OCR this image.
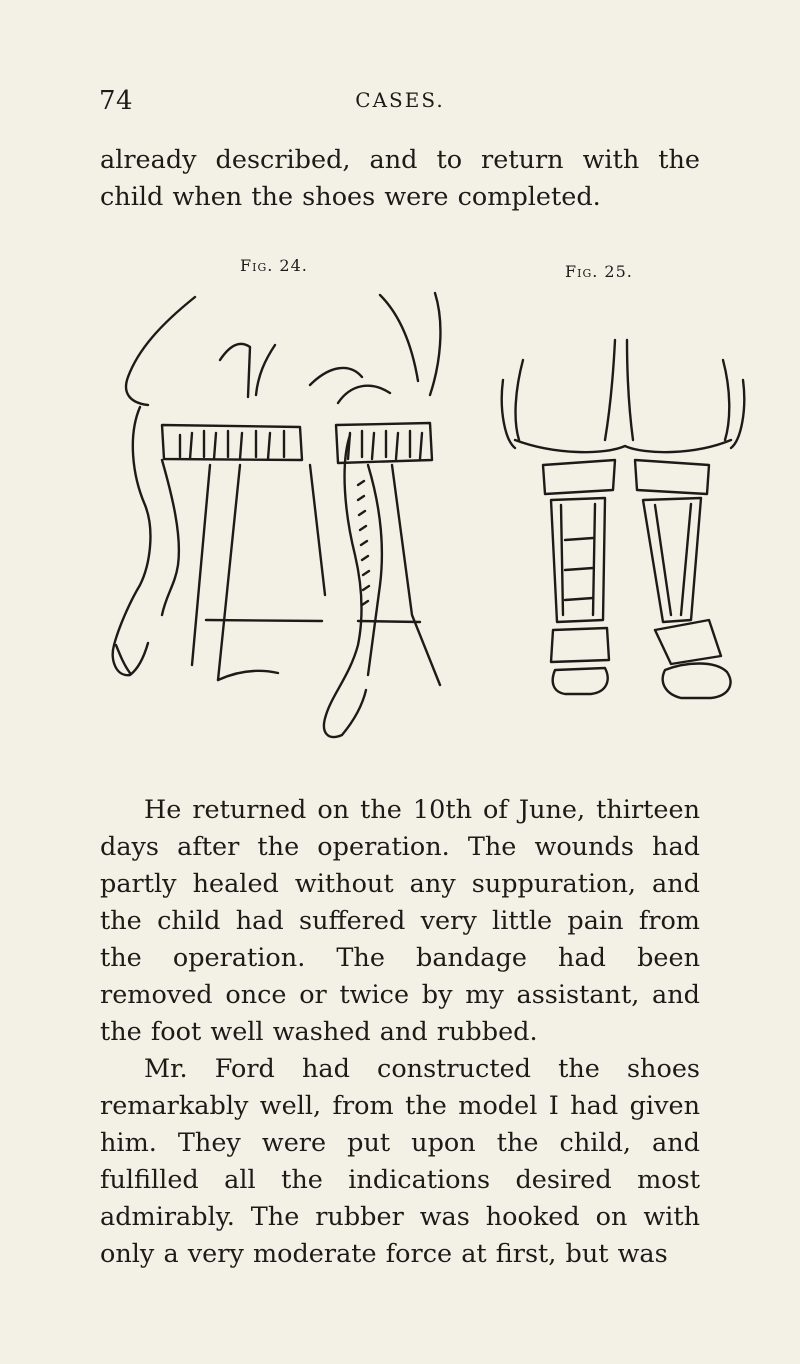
74	CASES.

already described, and to return with the child when the shoes were completed.

Fig. 24.	Fig. 25.

He returned on the 10th of June, thirteen days after the operation. The wounds had partly healed without any suppuration, and the child had suffered very little pain from the operation. The bandage had been removed once or twice by my assistant, and the foot well washed and rubbed.

Mr. Ford had constructed the shoes remarkably well, from the model I had given him. They were put upon the child, and fulfilled all the indications desired most admirably. The rubber was hooked on with only a very moderate force at first, but was
